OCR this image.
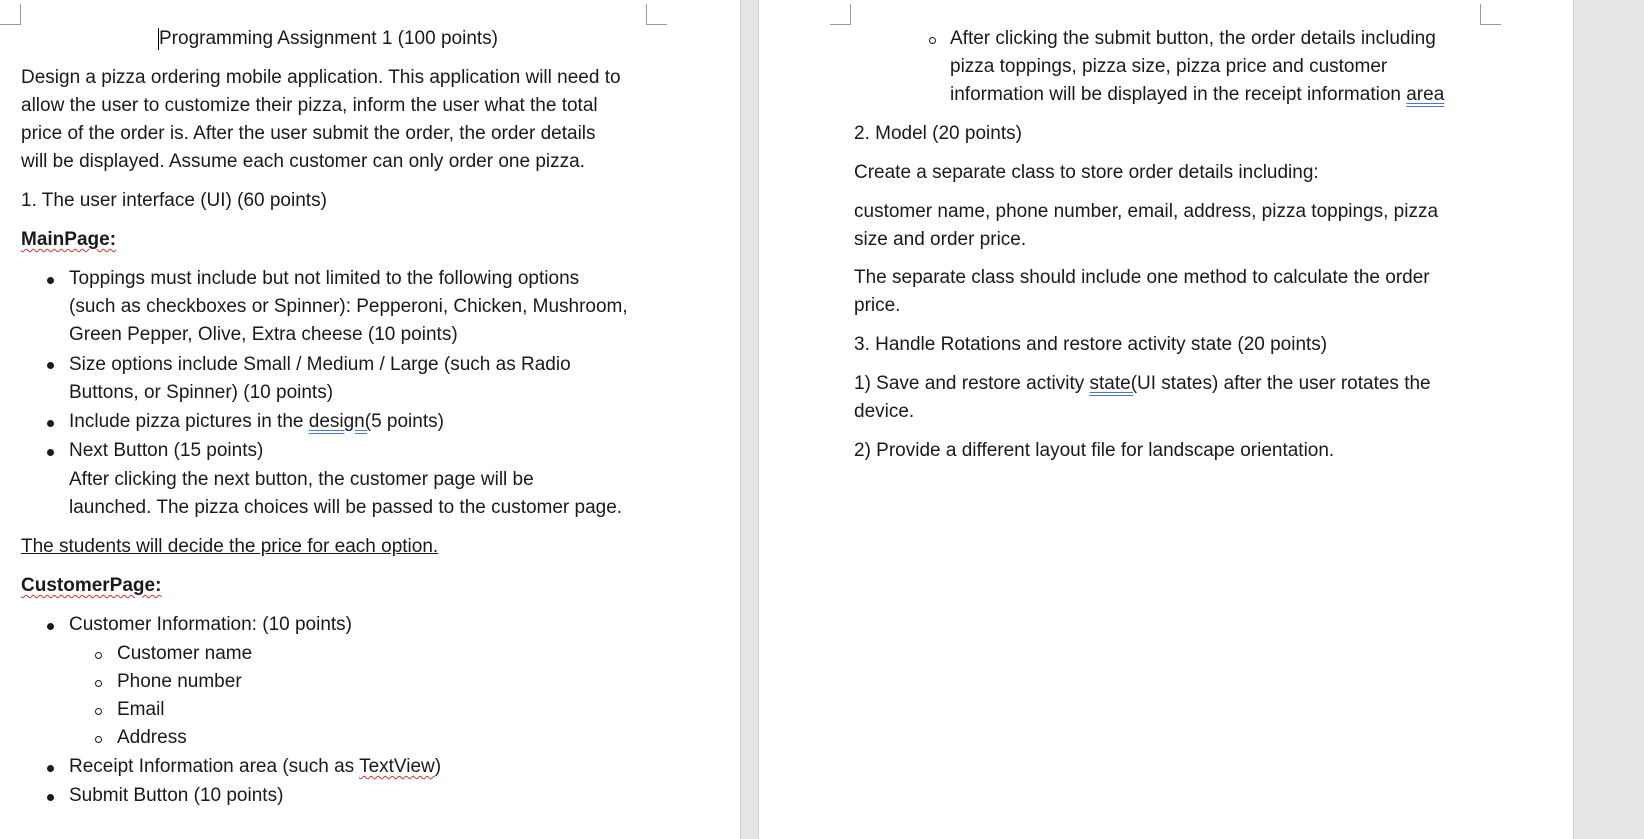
Programming Assignment 1 (100 points)
Design a pizza ordering mobile application. This application will need to
allow the user to customize their pizza, inform the user what the total
price of the order is. After the user submit the order, the order details
will be displayed. Assume each customer can only order one pizza.
1. The user interface (UI) (60 points)
MainPage:
Toppings must include but not limited to the following options
(such as checkboxes or Spinner): Pepperoni, Chicken, Mushroom,
Green Pepper, Olive, Extra cheese (10 points)
Size options include Small / Medium / Large (such as Radio
Buttons, or Spinner) (10 points)
Include pizza pictures in the design(5 points)
Next Button (15 points)
After clicking the next button, the customer page will be
launched. The pizza choices will be passed to the customer page.
The students will decide the price for each option.
CustomerPage:
Customer Information: (10 points)
Customer name
Phone number
Email
Address
Receipt Information area (such as TextView)
Submit Button (10 points)
After clicking the submit button, the order details including
pizza toppings, pizza size, pizza price and customer
information will be displayed in the receipt information area
2. Model (20 points)
Create a separate class to store order details including:
customer name, phone number, email, address, pizza toppings, pizza
size and order price.
The separate class should include one method to calculate the order
price.
3. Handle Rotations and restore activity state (20 points)
1) Save and restore activity state(UI states) after the user rotates the
device.
2) Provide a different layout file for landscape orientation.
